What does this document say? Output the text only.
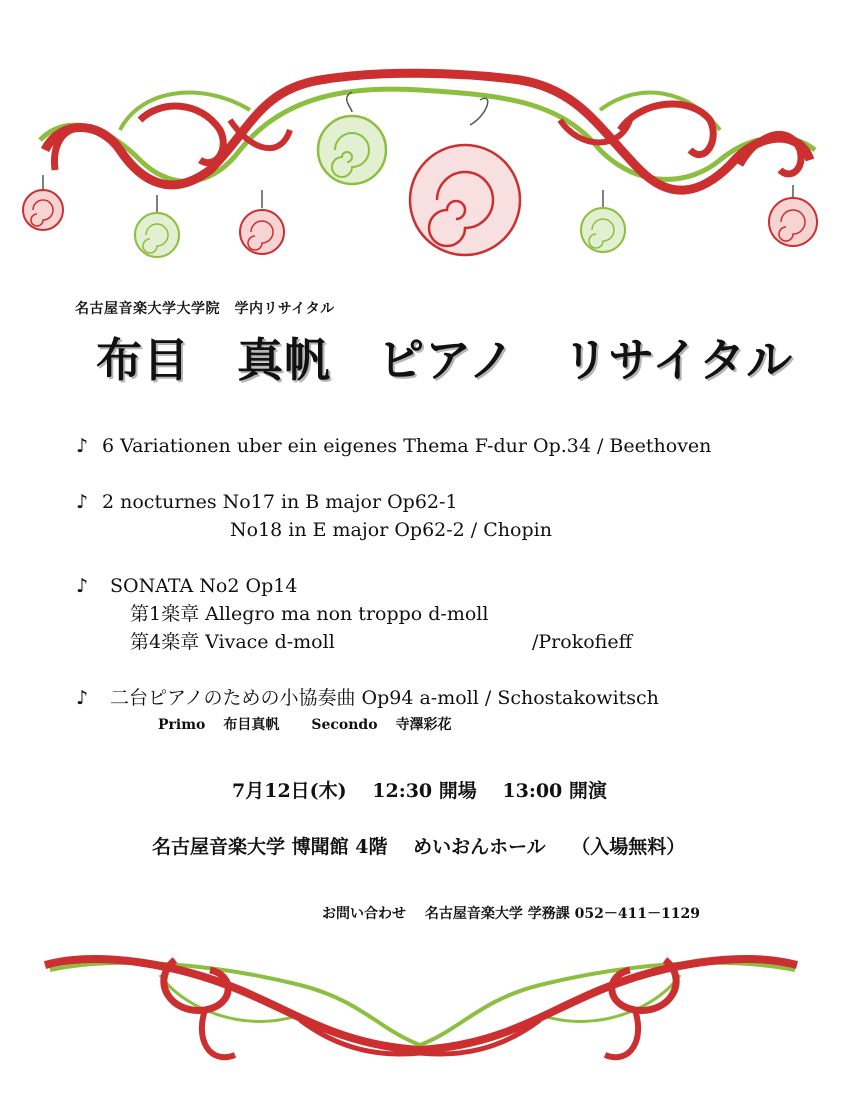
名古屋音楽大学大学院　学内リサイタル
布目　真帆　ピアノ　リサイタル
♪ 6 Variationen uber ein eigenes Thema F-dur Op.34 / Beethoven
♪ 2 nocturnes No17 in B major Op62-1
No18 in E major Op62-2 / Chopin
♪ SONATA No2 Op14
第1楽章 Allegro ma non troppo d-moll
第4楽章 Vivace d-moll	/Prokofieff
♪ 二台ピアノのための小協奏曲 Op94 a-moll / Schostakowitsch
Primo 布目真帆 Secondo 寺澤彩花
7月12日(木)　 12:30 開場　 13:00 開演
名古屋音楽大学 博聞館 4階　 めいおんホール　 （入場無料）
お問い合わせ　 名古屋音楽大学 学務課 052－411－1129
